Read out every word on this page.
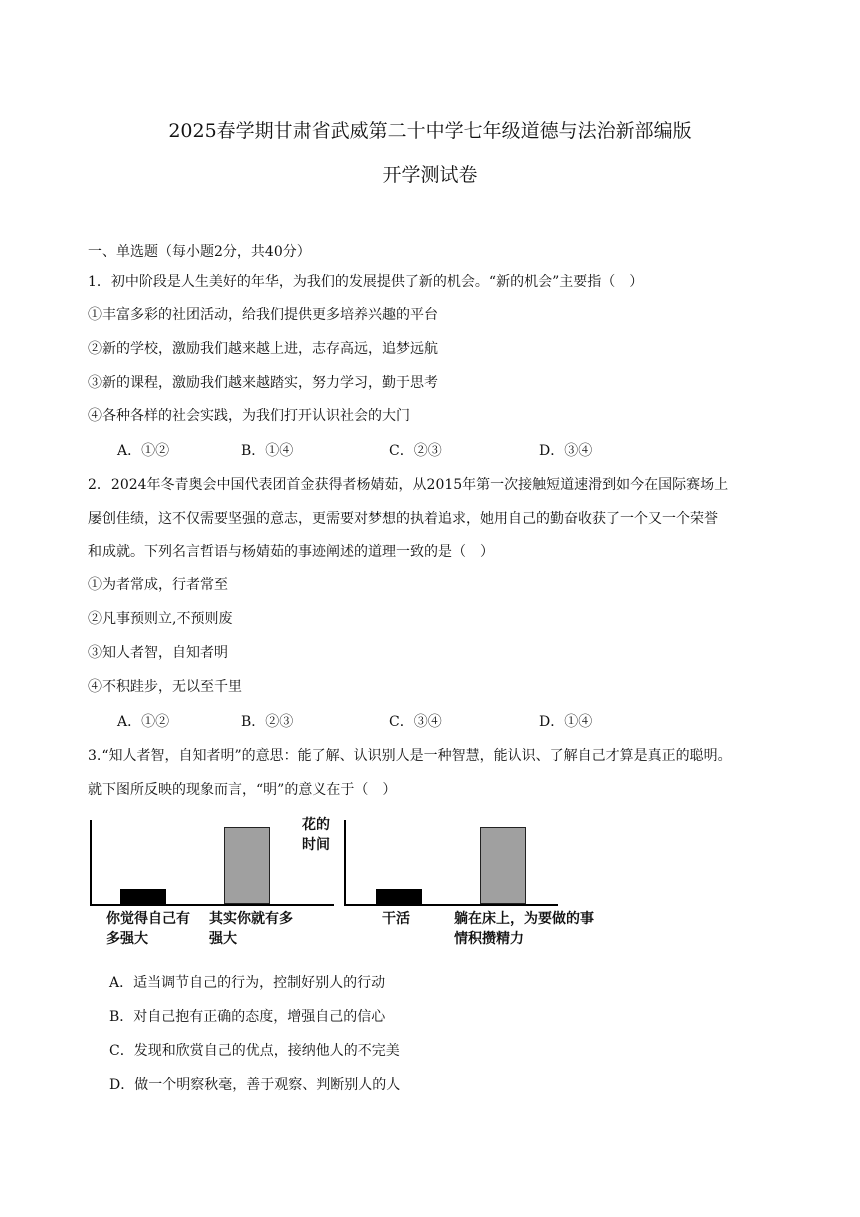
2025春学期甘肃省武威第二十中学七年级道德与法治新部编版
开学测试卷
一、单选题（每小题2分，共40分）
1．初中阶段是人生美好的年华，为我们的发展提供了新的机会。“新的机会”主要指（　）
①丰富多彩的社团活动，给我们提供更多培养兴趣的平台
②新的学校，激励我们越来越上进，志存高远，追梦远航
③新的课程，激励我们越来越踏实，努力学习，勤于思考
④各种各样的社会实践，为我们打开认识社会的大门
A．①②	B．①④	C．②③	D．③④
2．2024年冬青奥会中国代表团首金获得者杨婧茹，从2015年第一次接触短道速滑到如今在国际赛场上
屡创佳绩，这不仅需要坚强的意志，更需要对梦想的执着追求，她用自己的勤奋收获了一个又一个荣誉
和成就。下列名言哲语与杨婧茹的事迹阐述的道理一致的是（　）
①为者常成，行者常至
②凡事预则立,不预则废
③知人者智，自知者明
④不积跬步，无以至千里
A．①②	B．②③	C．③④	D．①④
3.“知人者智，自知者明”的意思：能了解、认识别人是一种智慧，能认识、了解自己才算是真正的聪明。
就下图所反映的现象而言，“明”的意义在于（　）
你觉得自己有多强大
其实你就有多强大
花的时间
干活	躺在床上，为要做的事情积攒精力
A．适当调节自己的行为，控制好别人的行动
B．对自己抱有正确的态度，增强自己的信心
C．发现和欣赏自己的优点，接纳他人的不完美
D．做一个明察秋毫，善于观察、判断别人的人
